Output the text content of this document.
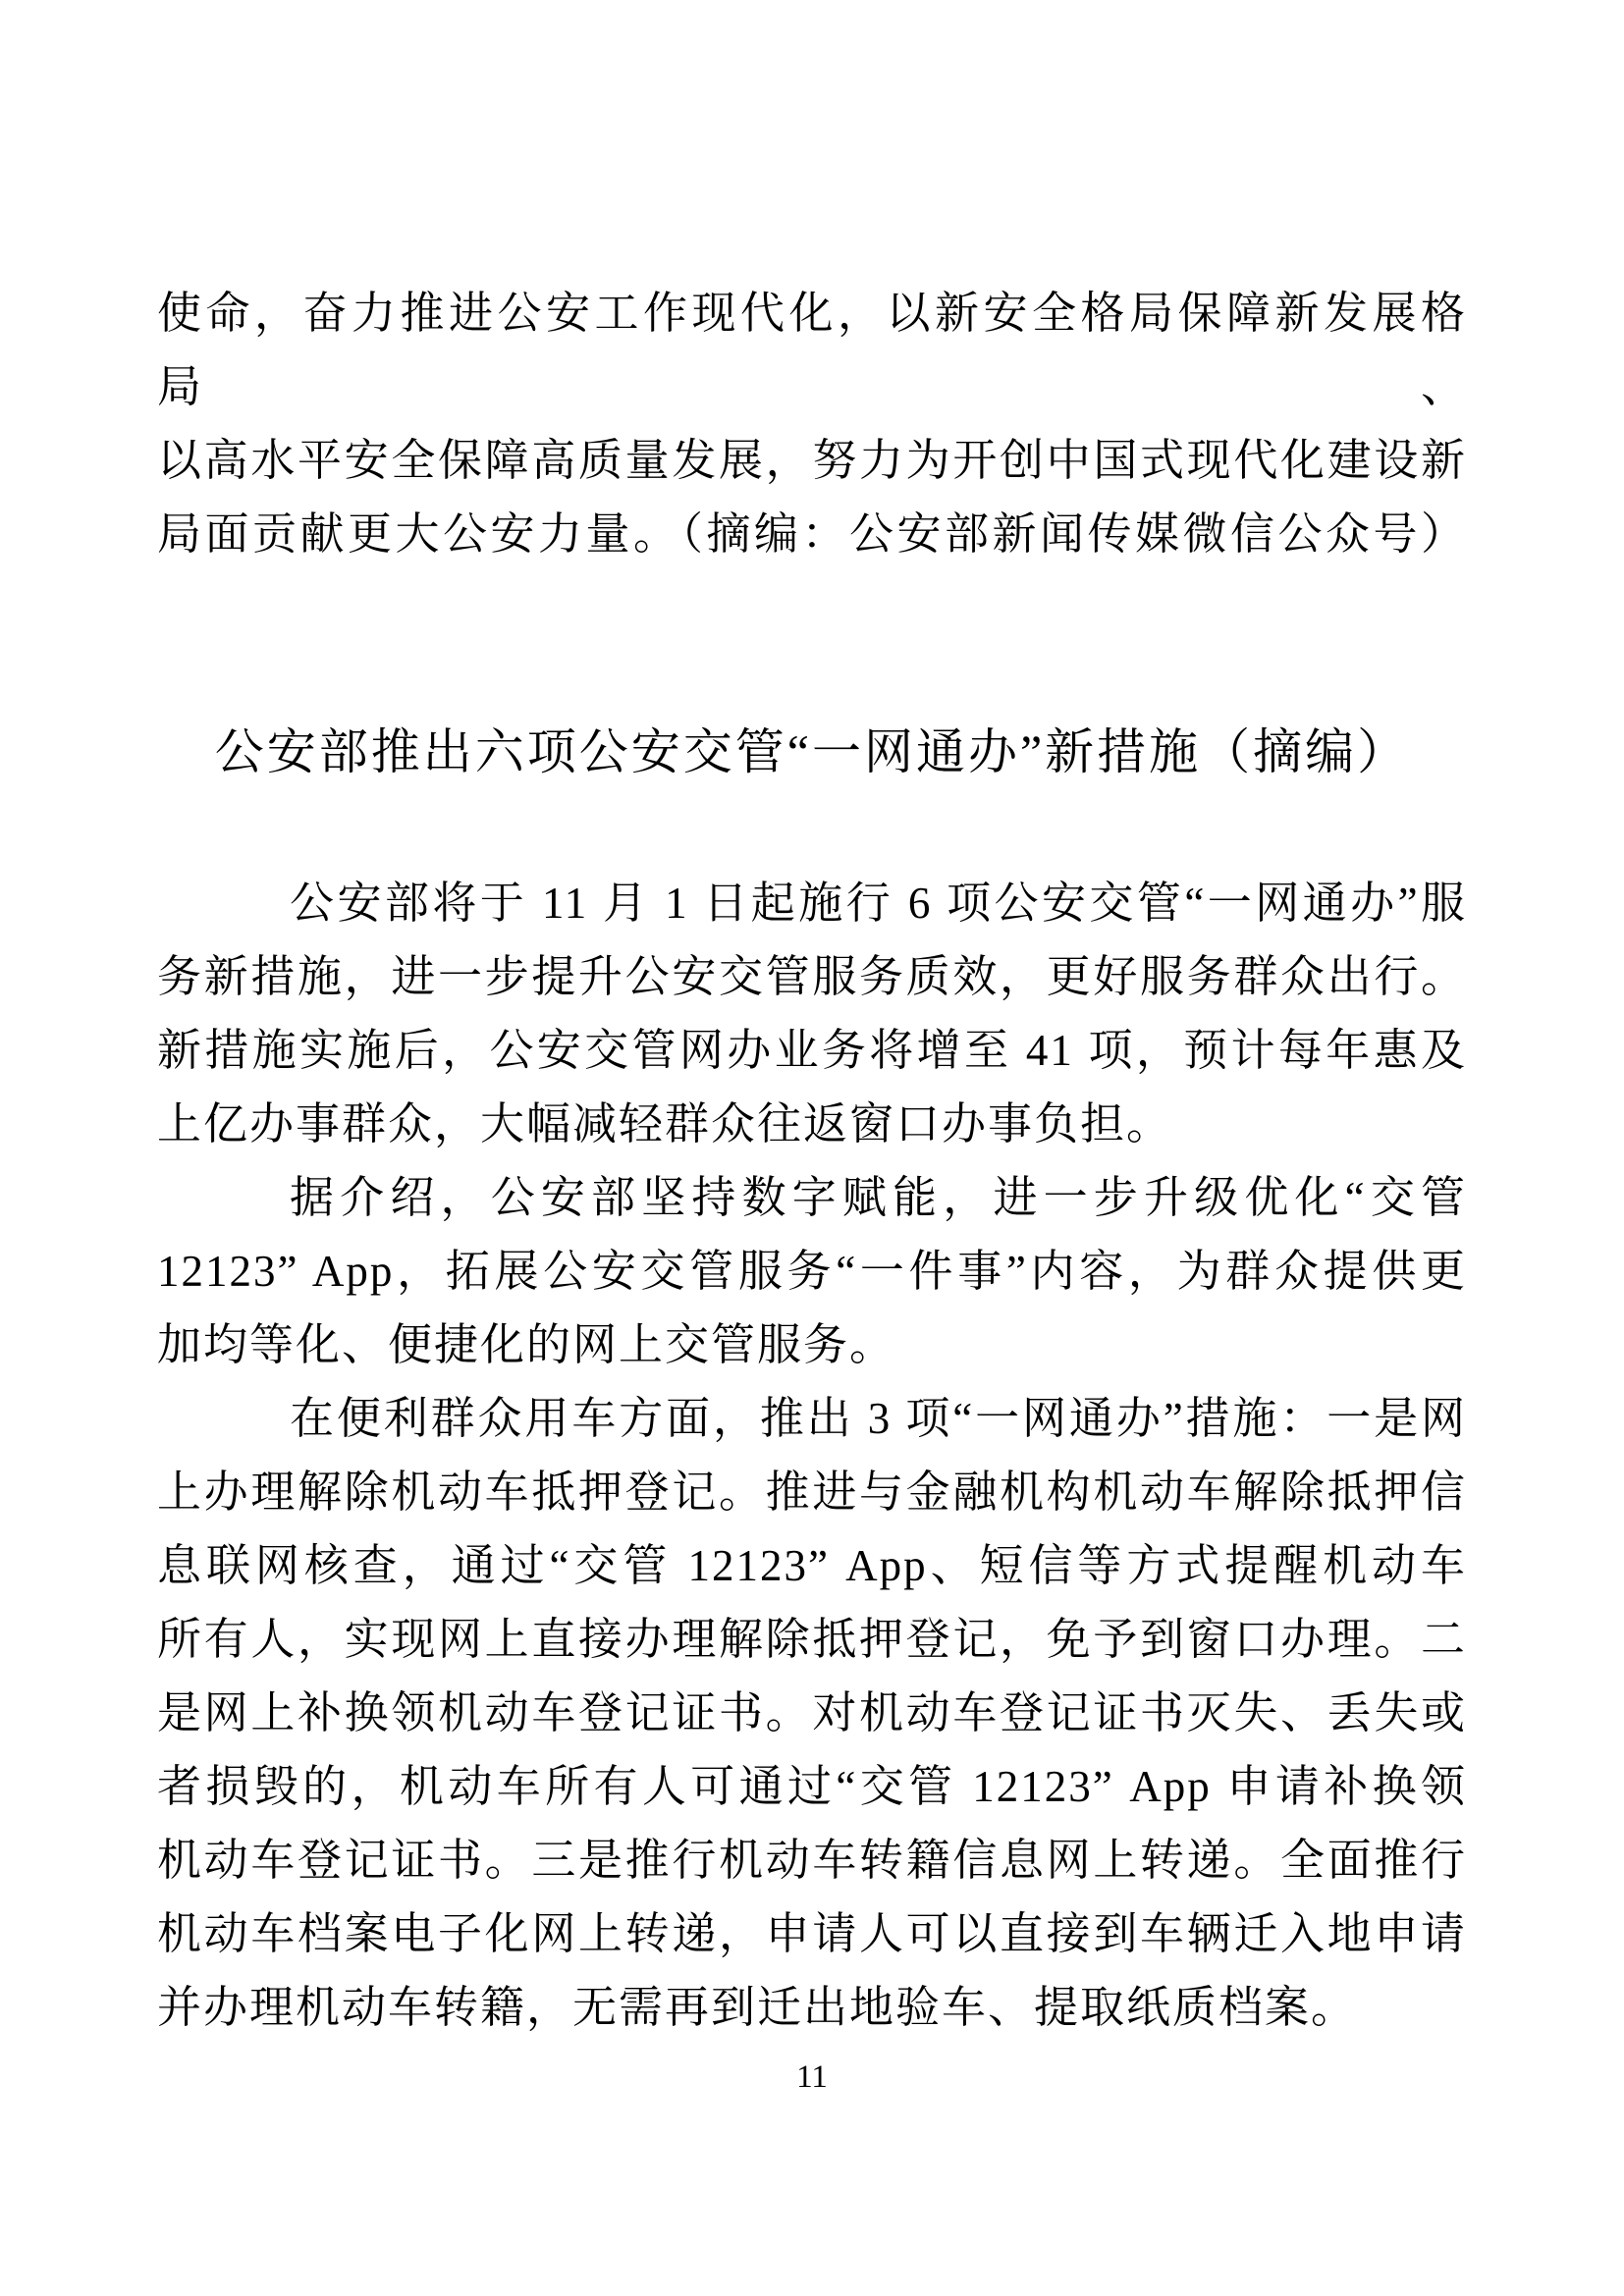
使命，奋力推进公安工作现代化，以新安全格局保障新发展格局、
以高水平安全保障高质量发展，努力为开创中国式现代化建设新
局面贡献更大公安力量。（摘编：公安部新闻传媒微信公众号）

公安部推出六项公安交管“一网通办”新措施（摘编）

公安部将于 11 月 1 日起施行 6 项公安交管“一网通办”服
务新措施，进一步提升公安交管服务质效，更好服务群众出行。
新措施实施后，公安交管网办业务将增至 41 项，预计每年惠及
上亿办事群众，大幅减轻群众往返窗口办事负担。

据介绍，公安部坚持数字赋能，进一步升级优化“交管
12123” App，拓展公安交管服务“一件事”内容，为群众提供更
加均等化、便捷化的网上交管服务。

在便利群众用车方面，推出 3 项“一网通办”措施：一是网
上办理解除机动车抵押登记。推进与金融机构机动车解除抵押信
息联网核查，通过“交管 12123” App、短信等方式提醒机动车
所有人，实现网上直接办理解除抵押登记，免予到窗口办理。二
是网上补换领机动车登记证书。对机动车登记证书灭失、丢失或
者损毁的，机动车所有人可通过“交管 12123” App 申请补换领
机动车登记证书。三是推行机动车转籍信息网上转递。全面推行
机动车档案电子化网上转递，申请人可以直接到车辆迁入地申请
并办理机动车转籍，无需再到迁出地验车、提取纸质档案。

11
